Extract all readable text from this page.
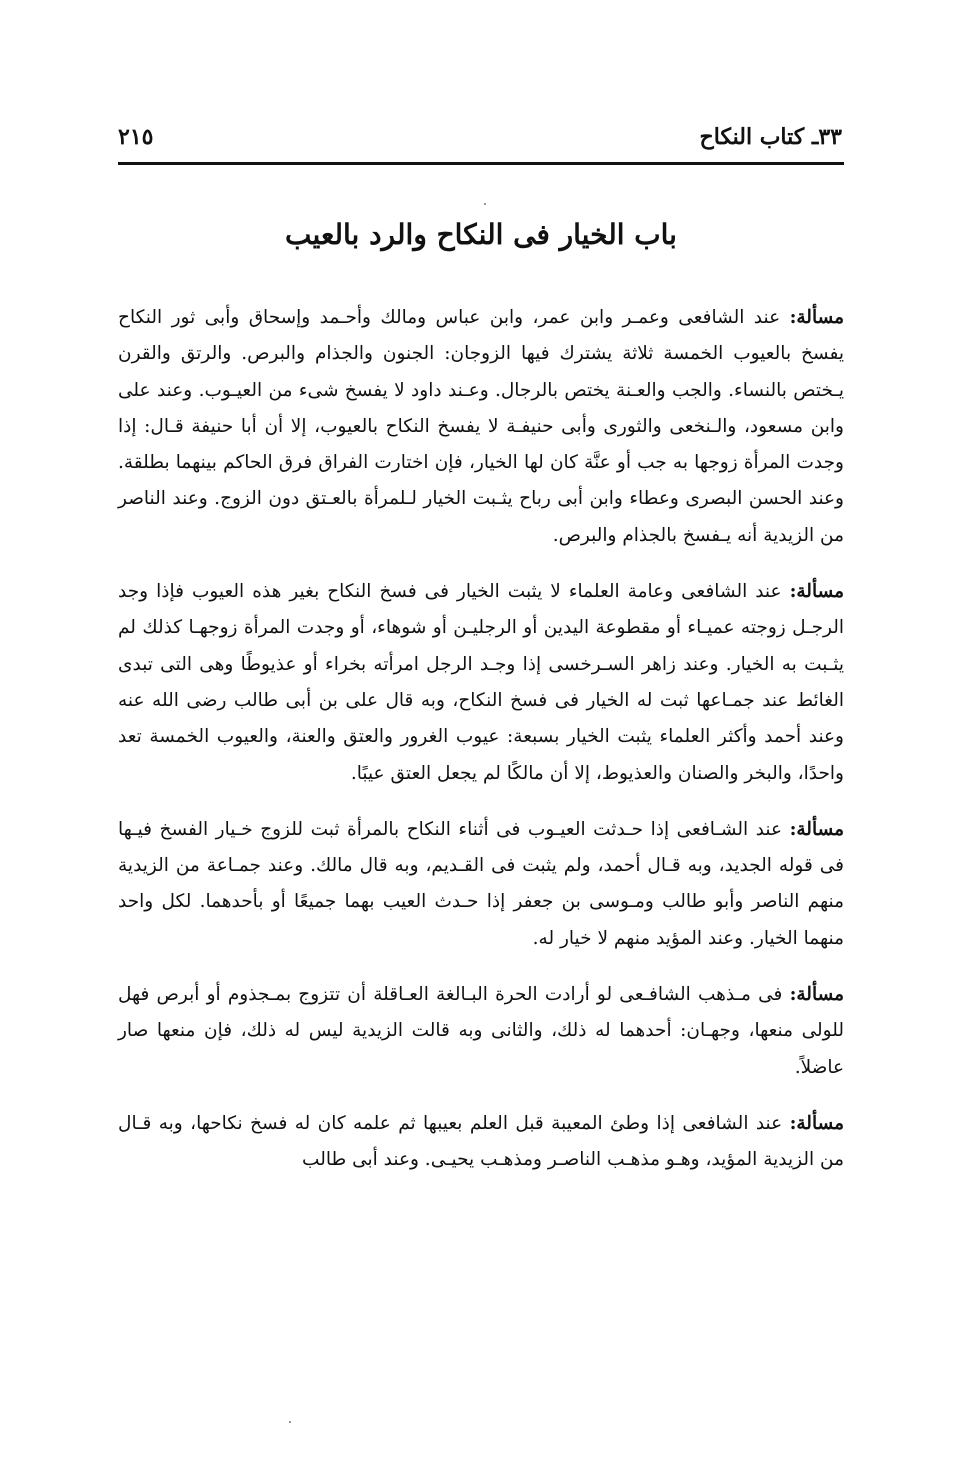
٣٣ـ كتاب النكاح
٢١٥
باب الخيار فى النكاح والرد بالعيب

مسألة: عند الشافعى وعمـر وابن عمر، وابن عباس ومالك وأحـمد وإسحاق وأبى ثور النكاح يفسخ بالعيوب الخمسة ثلاثة يشترك فيها الزوجان: الجنون والجذام والبرص. والرتق والقرن يـختص بالنساء. والجب والعـنة يختص بالرجال. وعـند داود لا يفسخ شىء من العيـوب. وعند على وابن مسعود، والـنخعى والثورى وأبى حنيفـة لا يفسخ النكاح بالعيوب، إلا أن أبا حنيفة قـال: إذا وجدت المرأة زوجها به جب أو عنَّة كان لها الخيار، فإن اختارت الفراق فرق الحاكم بينهما بطلقة. وعند الحسن البصرى وعطاء وابن أبى رباح يثـبت الخيار لـلمرأة بالعـتق دون الزوج. وعند الناصر من الزيدية أنه يـفسخ بالجذام والبرص.

مسألة: عند الشافعى وعامة العلماء لا يثبت الخيار فى فسخ النكاح بغير هذه العيوب فإذا وجد الرجـل زوجته عميـاء أو مقطوعة اليدين أو الرجليـن أو شوهاء، أو وجدت المرأة زوجهـا كذلك لم يثـبت به الخيار. وعند زاهر السـرخسى إذا وجـد الرجل امرأته بخراء أو عذيوطًا وهى التى تبدى الغائط عند جمـاعها ثبت له الخيار فى فسخ النكاح، وبه قال على بن أبى طالب رضى الله عنه وعند أحمد وأكثر العلماء يثبت الخيار بسبعة: عيوب الغرور والعتق والعنة، والعيوب الخمسة تعد واحدًا، والبخر والصنان والعذيوط، إلا أن مالكًا لم يجعل العتق عيبًا.

مسألة: عند الشـافعى إذا حـدثت العيـوب فى أثناء النكاح بالمرأة ثبت للزوج خـيار الفسخ فيـها فى قوله الجديد، وبه قـال أحمد، ولم يثبت فى القـديم، وبه قال مالك. وعند جمـاعة من الزيدية منهم الناصر وأبو طالب ومـوسى بن جعفر إذا حـدث العيب بهما جميعًا أو بأحدهما. لكل واحد منهما الخيار. وعند المؤيد منهم لا خيار له.

مسألة: فى مـذهب الشافـعى لو أرادت الحرة البـالغة العـاقلة أن تتزوج بمـجذوم أو أبرص فهل للولى منعها، وجهـان: أحدهما له ذلك، والثانى وبه قالت الزيدية ليس له ذلك، فإن منعها صار عاضلاً.

مسألة: عند الشافعى إذا وطئ المعيبة قبل العلم بعيبها ثم علمه كان له فسخ نكاحها، وبه قـال من الزيدية المؤيد، وهـو مذهـب الناصـر ومذهـب يحيـى. وعند أبى طالب
